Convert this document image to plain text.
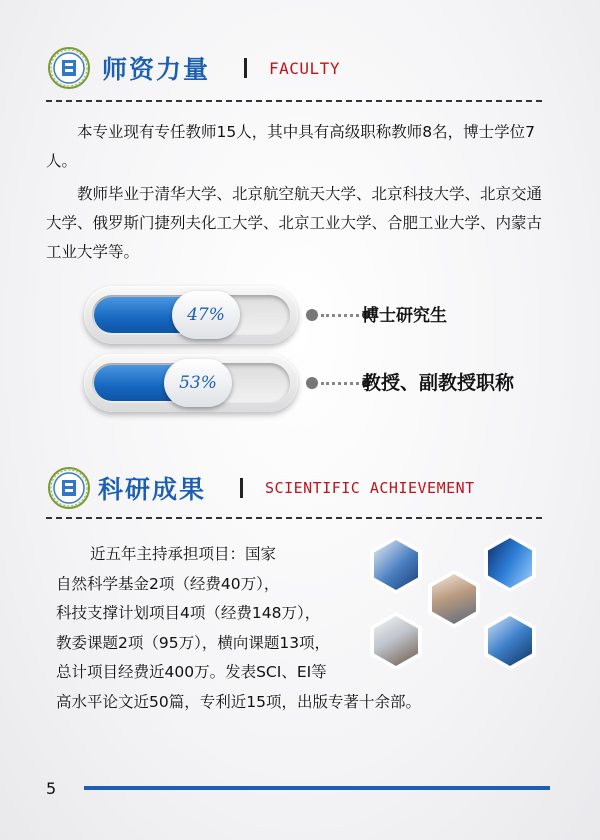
师资力量	FACULTY
本专业现有专任教师15人，其中具有高级职称教师8名，博士学位7人。
教师毕业于清华大学、北京航空航天大学、北京科技大学、北京交通大学、俄罗斯门捷列夫化工大学、北京工业大学、合肥工业大学、内蒙古工业大学等。
47%	博士研究生
53%	教授、副教授职称
科研成果	SCIENTIFIC ACHIEVEMENT
近五年主持承担项目：国家
自然科学基金2项（经费40万），
科技支撑计划项目4项（经费148万），
教委课题2项（95万），横向课题13项，
总计项目经费近400万。发表SCI、EI等
高水平论文近50篇，专利近15项，出版专著十余部。
5
